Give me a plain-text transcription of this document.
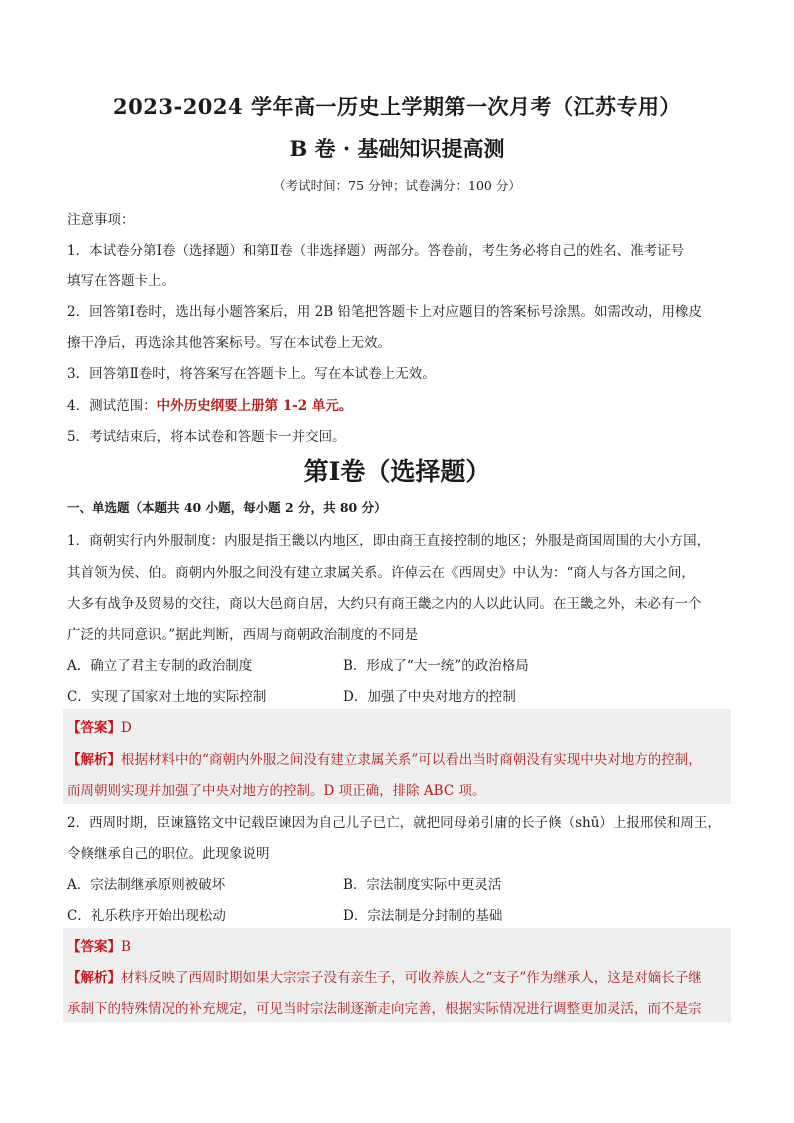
2023-2024 学年高一历史上学期第一次月考（江苏专用）
B 卷 · 基础知识提高测
（考试时间：75 分钟；试卷满分：100 分）
注意事项：
1．本试卷分第Ⅰ卷（选择题）和第Ⅱ卷（非选择题）两部分。答卷前，考生务必将自己的姓名、准考证号
填写在答题卡上。
2．回答第Ⅰ卷时，选出每小题答案后，用 2B 铅笔把答题卡上对应题目的答案标号涂黑。如需改动，用橡皮
擦干净后，再选涂其他答案标号。写在本试卷上无效。
3．回答第Ⅱ卷时，将答案写在答题卡上。写在本试卷上无效。
4．测试范围：中外历史纲要上册第 1-2 单元。
5．考试结束后，将本试卷和答题卡一并交回。
第Ⅰ卷（选择题）
一、单选题（本题共 40 小题，每小题 2 分，共 80 分）
1．商朝实行内外服制度：内服是指王畿以内地区，即由商王直接控制的地区；外服是商国周围的大小方国，
其首领为侯、伯。商朝内外服之间没有建立隶属关系。许倬云在《西周史》中认为：“商人与各方国之间，
大多有战争及贸易的交往，商以大邑商自居，大约只有商王畿之内的人以此认同。在王畿之外，未必有一个
广泛的共同意识。”据此判断，西周与商朝政治制度的不同是
A．确立了君主专制的政治制度	B．形成了“大一统”的政治格局
C．实现了国家对土地的实际控制	D．加强了中央对地方的控制
【答案】D
【解析】根据材料中的“商朝内外服之间没有建立隶属关系”可以看出当时商朝没有实现中央对地方的控制，
而周朝则实现并加强了中央对地方的控制。D 项正确，排除 ABC 项。
2．西周时期，臣谏簋铭文中记载臣谏因为自己儿子已亡，就把同母弟引庸的长子倏（shū）上报邢侯和周王，
令倏继承自己的职位。此现象说明
A．宗法制继承原则被破坏	B．宗法制度实际中更灵活
C．礼乐秩序开始出现松动	D．宗法制是分封制的基础
【答案】B
【解析】材料反映了西周时期如果大宗宗子没有亲生子，可收养族人之“支子”作为继承人，这是对嫡长子继
承制下的特殊情况的补充规定，可见当时宗法制逐渐走向完善，根据实际情况进行调整更加灵活，而不是宗
